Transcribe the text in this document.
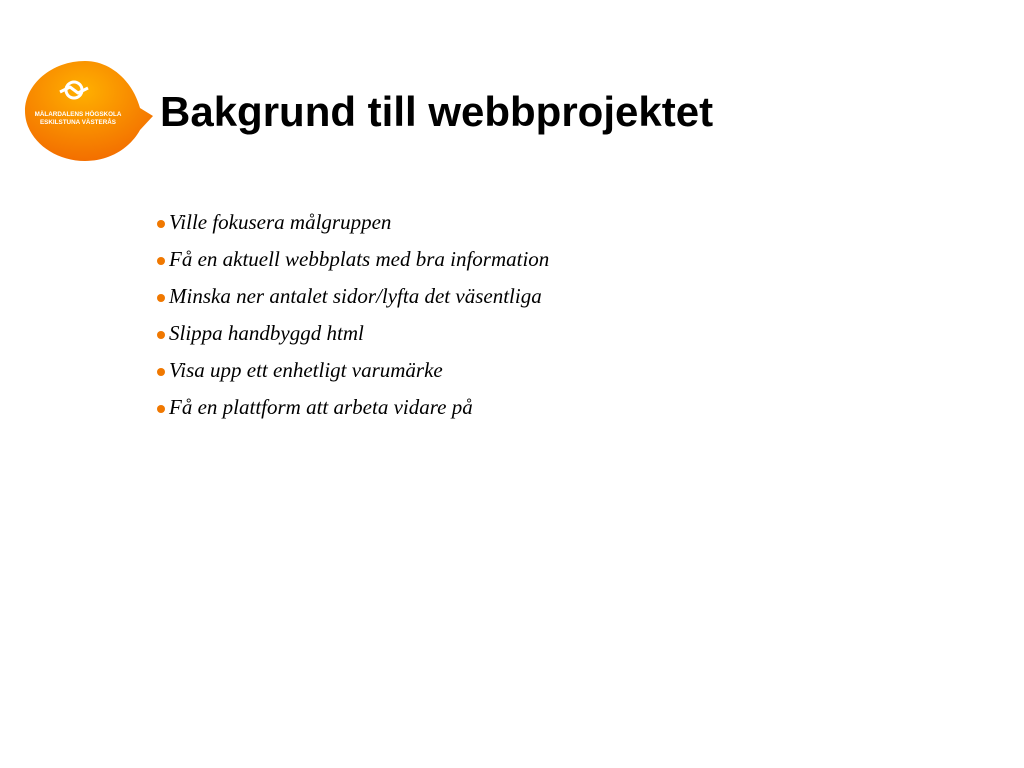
MÄLARDALENS HÖGSKOLA
ESKILSTUNA VÄSTERÅS Bakgrund till webbprojektet
Ville fokusera målgruppen
Få en aktuell webbplats med bra information
Minska ner antalet sidor/lyfta det väsentliga
Slippa handbyggd html
Visa upp ett enhetligt varumärke
Få en plattform att arbeta vidare på
